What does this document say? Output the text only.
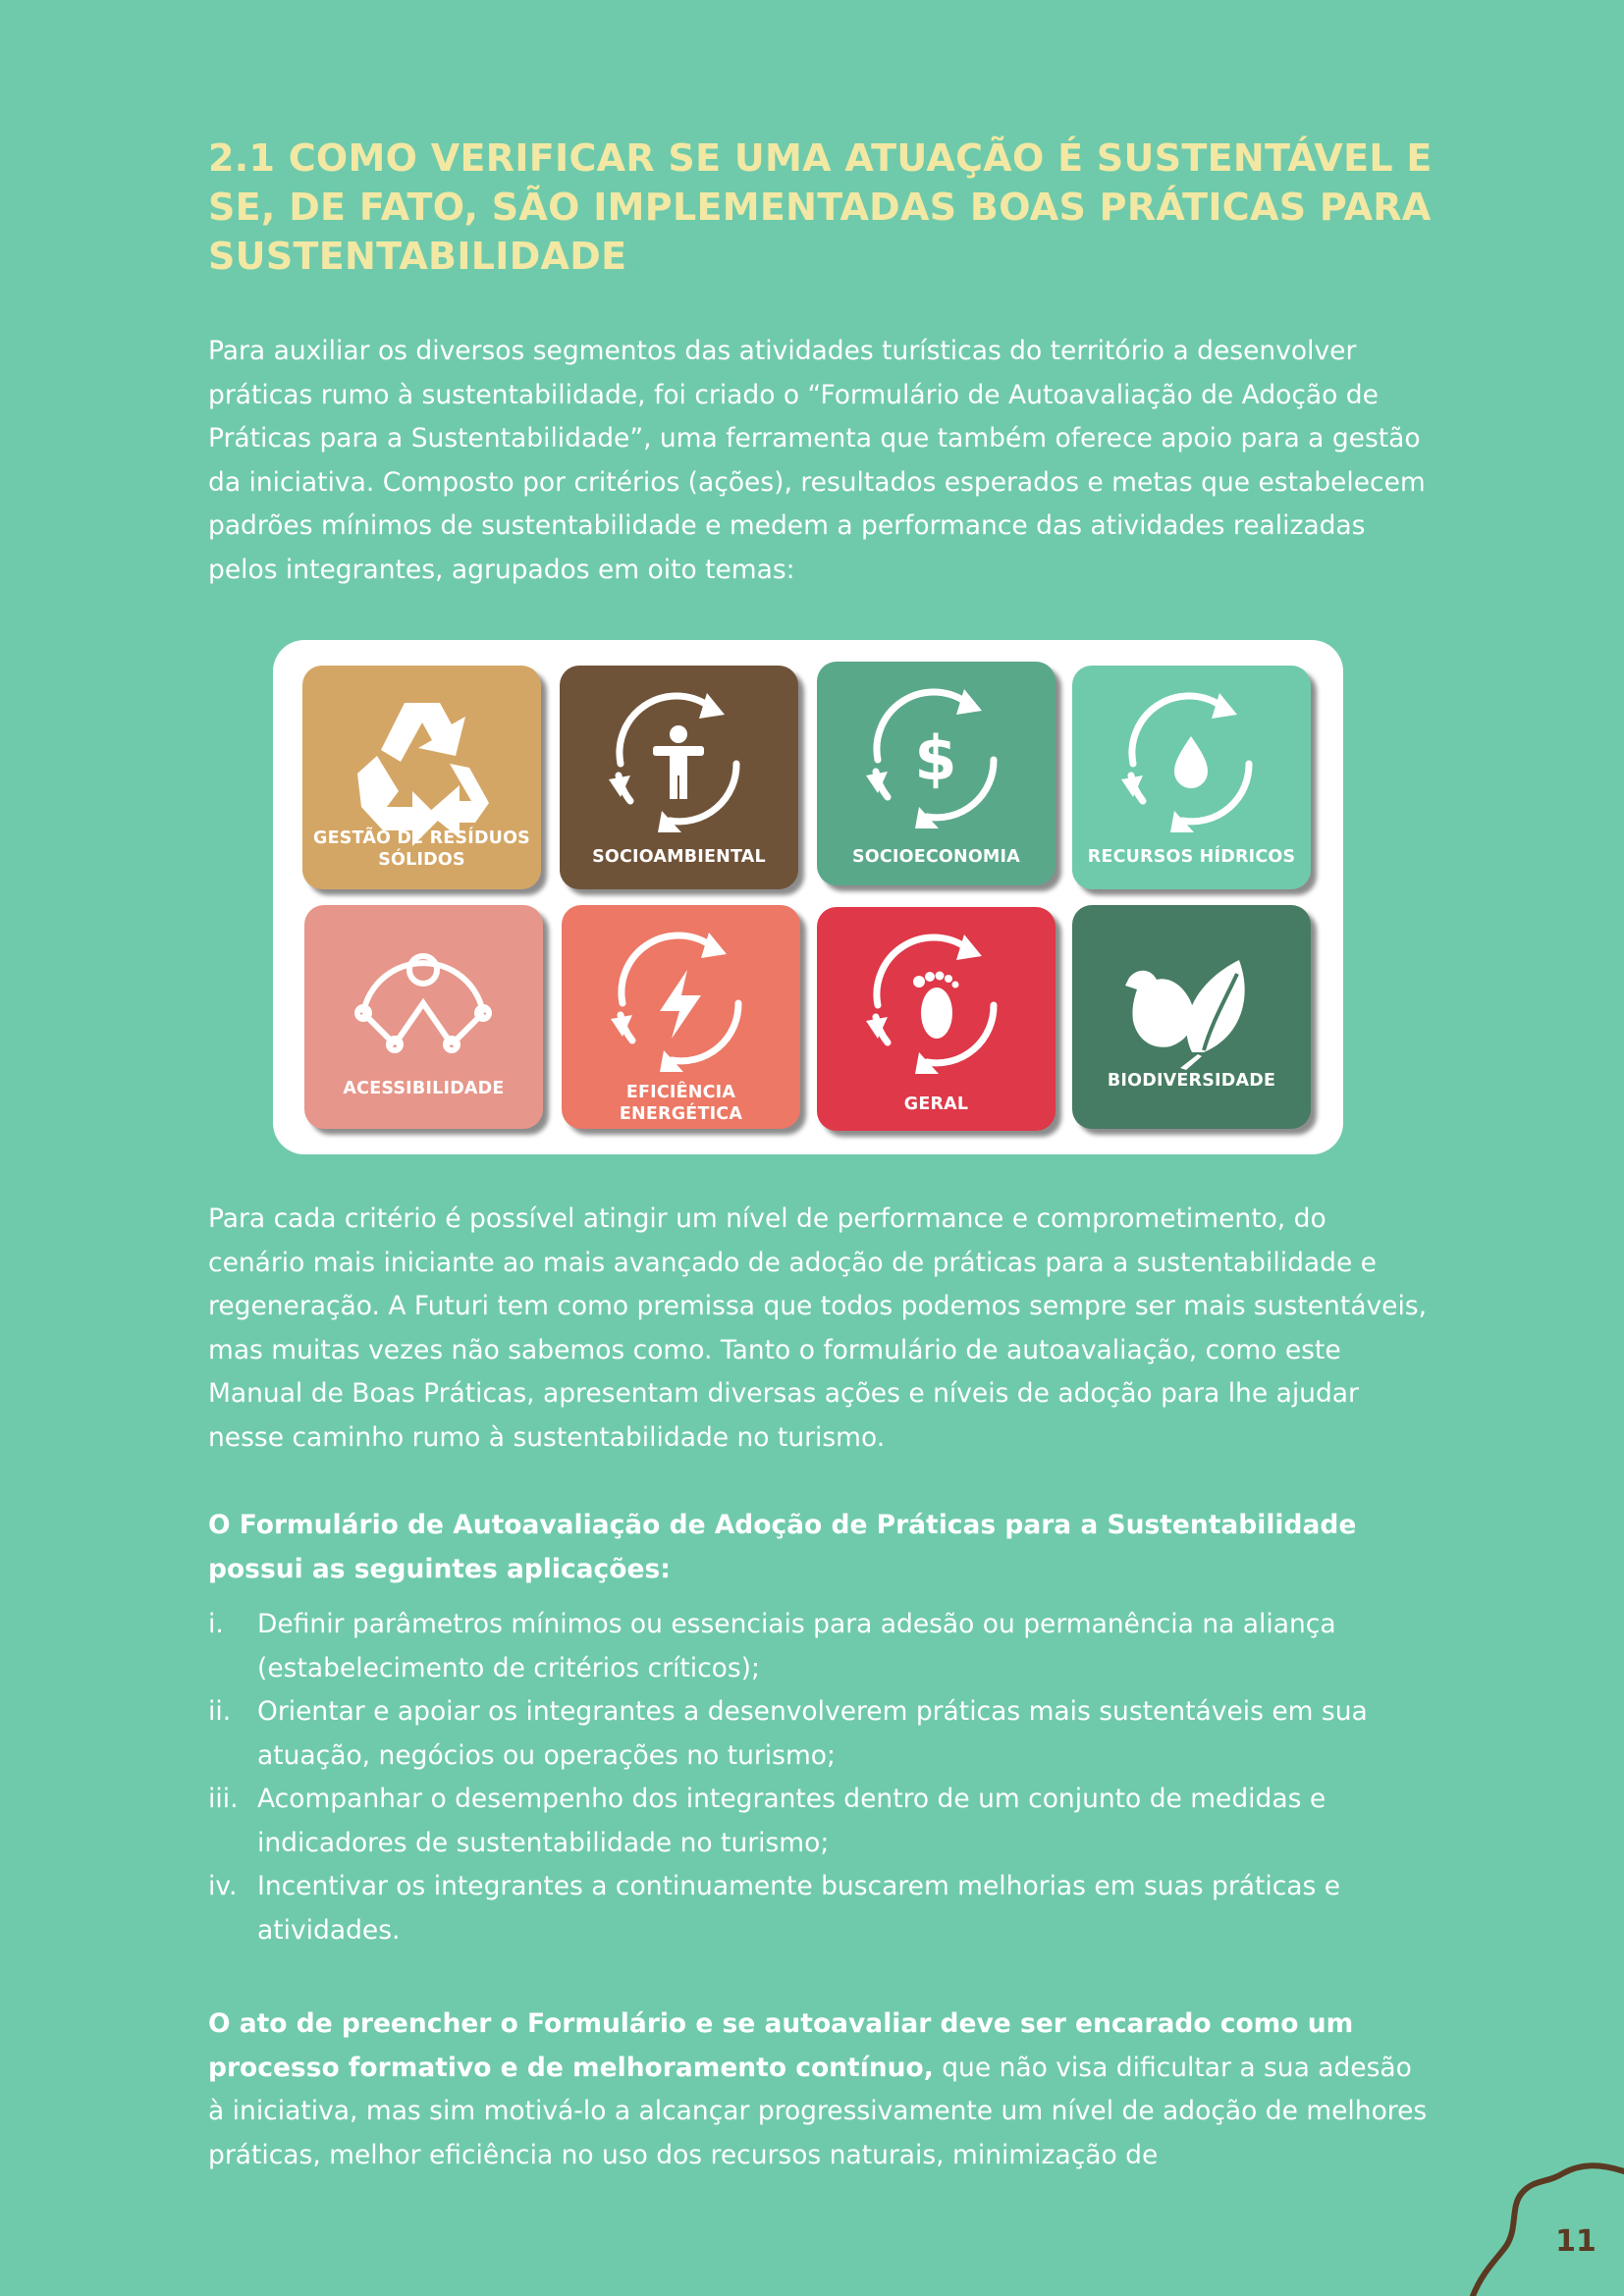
2.1 COMO VERIFICAR SE UMA ATUAÇÃO É SUSTENTÁVEL E SE, DE FATO, SÃO IMPLEMENTADAS BOAS PRÁTICAS PARA SUSTENTABILIDADE

Para auxiliar os diversos segmentos das atividades turísticas do território a desenvolver práticas rumo à sustentabilidade, foi criado o “Formulário de Autoavaliação de Adoção de Práticas para a Sustentabilidade”, uma ferramenta que também oferece apoio para a gestão da iniciativa. Composto por critérios (ações), resultados esperados e metas que estabelecem padrões mínimos de sustentabilidade e medem a performance das atividades realizadas pelos integrantes, agrupados em oito temas:

GESTÃO DE RESÍDUOS SÓLIDOS	SOCIOAMBIENTAL
$
SOCIOECONOMIA	RECURSOS HÍDRICOS
ACESSIBILIDADE	EFICIÊNCIA ENERGÉTICA	GERAL
BIODIVERSIDADE

Para cada critério é possível atingir um nível de performance e comprometimento, do cenário mais iniciante ao mais avançado de adoção de práticas para a sustentabilidade e regeneração. A Futuri tem como premissa que todos podemos sempre ser mais sustentáveis, mas muitas vezes não sabemos como. Tanto o formulário de autoavaliação, como este Manual de Boas Práticas, apresentam diversas ações e níveis de adoção para lhe ajudar nesse caminho rumo à sustentabilidade no turismo.

O Formulário de Autoavaliação de Adoção de Práticas para a Sustentabilidade possui as seguintes aplicações:

i. Definir parâmetros mínimos ou essenciais para adesão ou permanência na aliança (estabelecimento de critérios críticos);
ii. Orientar e apoiar os integrantes a desenvolverem práticas mais sustentáveis em sua atuação, negócios ou operações no turismo;
iii. Acompanhar o desempenho dos integrantes dentro de um conjunto de medidas e indicadores de sustentabilidade no turismo;
iv. Incentivar os integrantes a continuamente buscarem melhorias em suas práticas e atividades.

O ato de preencher o Formulário e se autoavaliar deve ser encarado como um processo formativo e de melhoramento contínuo, que não visa dificultar a sua adesão à iniciativa, mas sim motivá-lo a alcançar progressivamente um nível de adoção de melhores práticas, melhor eficiência no uso dos recursos naturais, minimização de

11
